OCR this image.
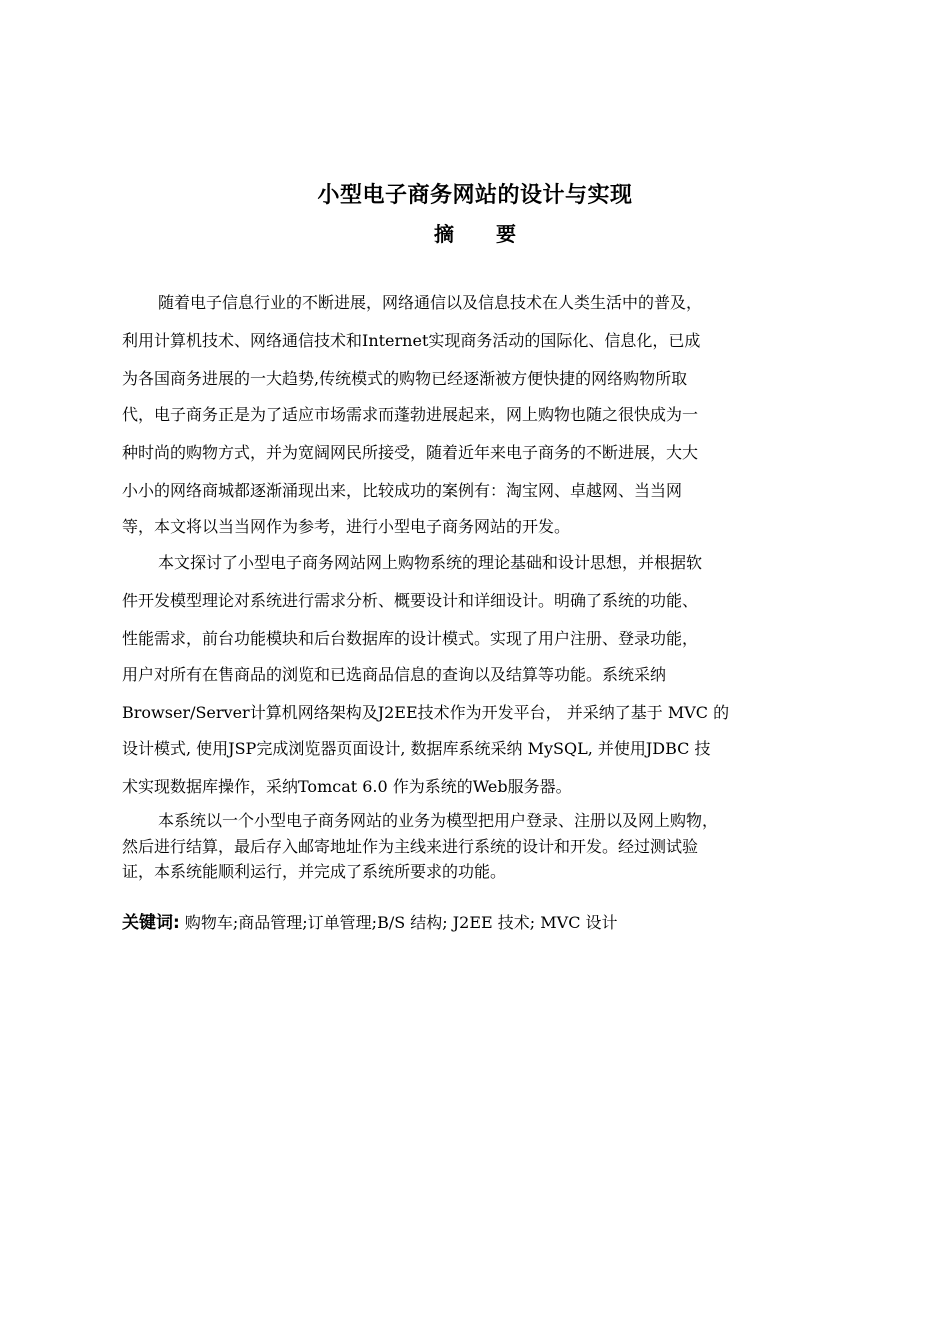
小型电子商务网站的设计与实现
摘 要
随着电子信息行业的不断进展，网络通信以及信息技术在人类生活中的普及，
利用计算机技术、网络通信技术和Internet实现商务活动的国际化、信息化，已成
为各国商务进展的一大趋势,传统模式的购物已经逐渐被方便快捷的网络购物所取
代，电子商务正是为了适应市场需求而蓬勃进展起来，网上购物也随之很快成为一
种时尚的购物方式，并为宽阔网民所接受，随着近年来电子商务的不断进展，大大
小小的网络商城都逐渐涌现出来，比较成功的案例有：淘宝网、卓越网、当当网
等，本文将以当当网作为参考，进行小型电子商务网站的开发。
本文探讨了小型电子商务网站网上购物系统的理论基础和设计思想，并根据软
件开发模型理论对系统进行需求分析、概要设计和详细设计。明确了系统的功能、
性能需求，前台功能模块和后台数据库的设计模式。实现了用户注册、登录功能，
用户对所有在售商品的浏览和已选商品信息的查询以及结算等功能。系统采纳
Browser/Server计算机网络架构及J2EE技术作为开发平台， 并采纳了基于 MVC 的
设计模式, 使用JSP完成浏览器页面设计, 数据库系统采纳 MySQL, 并使用JDBC 技
术实现数据库操作，采纳Tomcat 6.0 作为系统的Web服务器。
本系统以一个小型电子商务网站的业务为模型把用户登录、注册以及网上购物，
然后进行结算，最后存入邮寄地址作为主线来进行系统的设计和开发。经过测试验
证，本系统能顺利运行，并完成了系统所要求的功能。
关键词: 购物车;商品管理;订单管理;B/S 结构; J2EE 技术; MVC 设计
